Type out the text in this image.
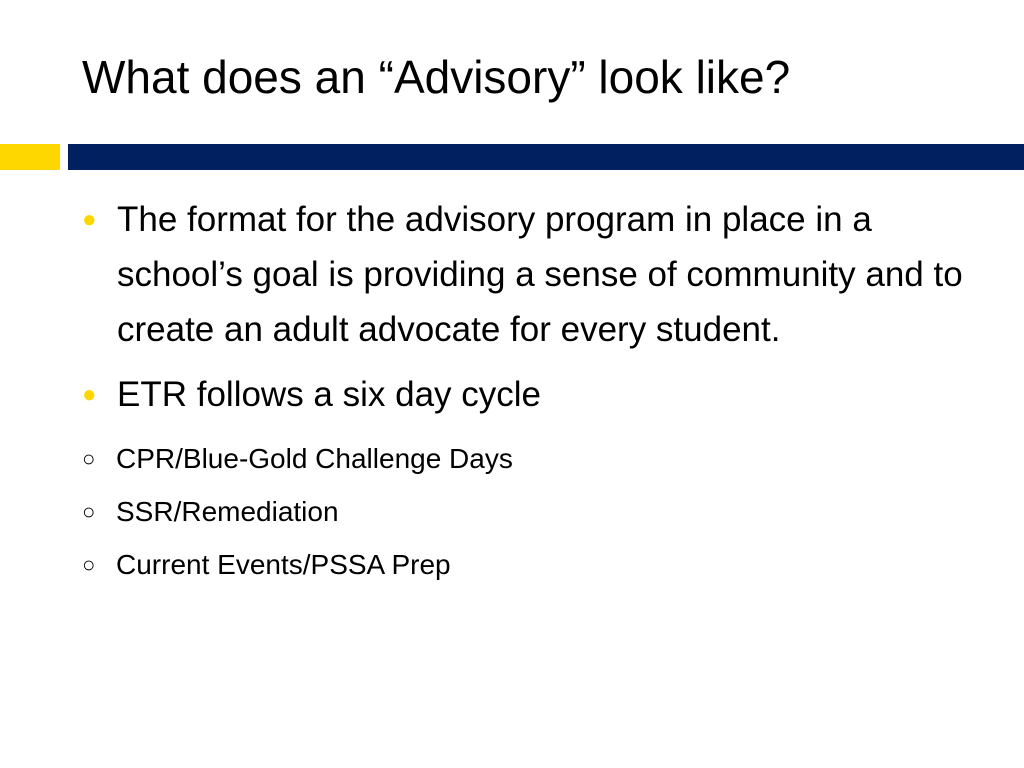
What does an “Advisory” look like?
● The format for the advisory program in place in a school’s goal is providing a sense of community and to create an adult advocate for every student.
● ETR follows a six day cycle
○ CPR/Blue-Gold Challenge Days
○ SSR/Remediation
○ Current Events/PSSA Prep
